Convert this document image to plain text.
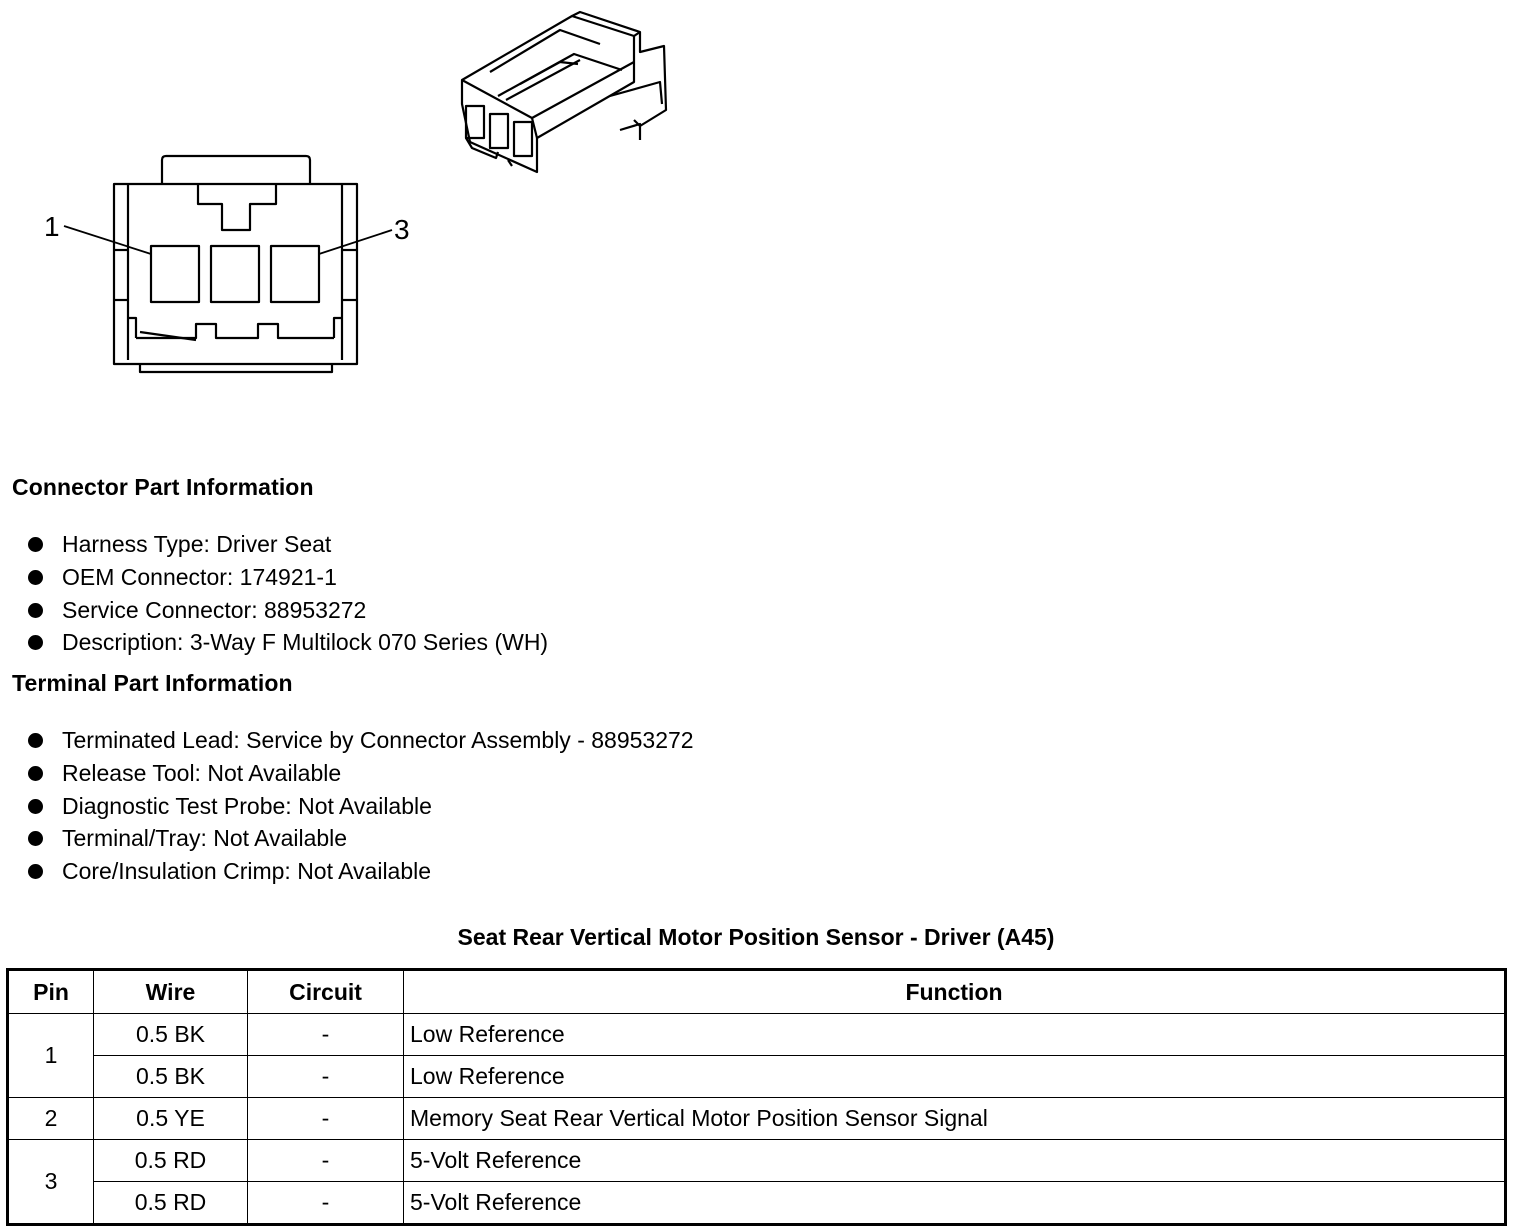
1	3
Connector Part Information
Harness Type: Driver Seat
OEM Connector: 174921-1
Service Connector: 88953272
Description: 3-Way F Multilock 070 Series (WH)
Terminal Part Information
Terminated Lead: Service by Connector Assembly - 88953272
Release Tool: Not Available
Diagnostic Test Probe: Not Available
Terminal/Tray: Not Available
Core/Insulation Crimp: Not Available
Seat Rear Vertical Motor Position Sensor - Driver (A45)
Pin	Wire	Circuit	Function
1	0.5 BK	-	Low Reference
	0.5 BK	-	Low Reference
2	0.5 YE	-	Memory Seat Rear Vertical Motor Position Sensor Signal
3	0.5 RD	-	5-Volt Reference
	0.5 RD	-	5-Volt Reference
